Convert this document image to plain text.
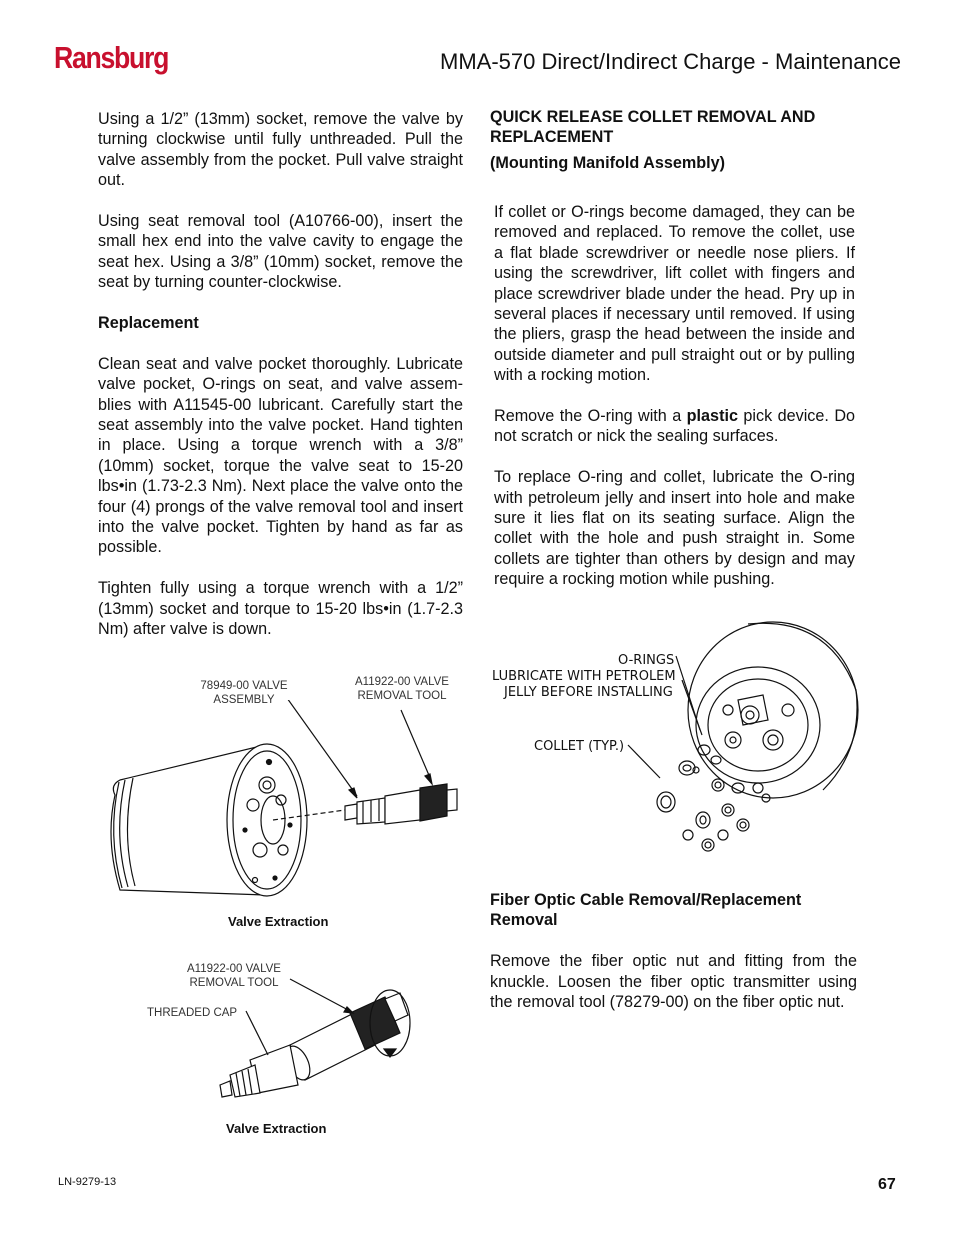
Ransburg	MMA-570 Direct/Indirect Charge - Maintenance

Using a 1/2” (13mm) socket, remove the valve by turning clockwise until fully unthreaded. Pull the valve assembly from the pocket. Pull valve straight out.

Using seat removal tool (A10766-00), insert the small hex end into the valve cavity to engage the seat hex. Using a 3/8” (10mm) socket, remove the seat by turning counter-clockwise.

Replacement

Clean seat and valve pocket thoroughly. Lubricate valve pocket, O-rings on seat, and valve assem-blies with A11545-00 lubricant. Carefully start the seat assembly into the valve pocket. Hand tighten in place. Using a torque wrench with a 3/8” (10mm) socket, torque the valve seat to 15-20 lbs•in (1.73-2.3 Nm). Next place the valve onto the four (4) prongs of the valve removal tool and insert into the valve pocket. Tighten by hand as far as possible.

Tighten fully using a torque wrench with a 1/2” (13mm) socket and torque to 15-20 lbs•in (1.7-2.3 Nm) after valve is down.

QUICK RELEASE COLLET REMOVAL AND
REPLACEMENT
(Mounting Manifold Assembly)

If collet or O-rings become damaged, they can be removed and replaced. To remove the collet, use a flat blade screwdriver or needle nose pliers. If using the screwdriver, lift collet with fingers and place screwdriver blade under the head. Pry up in several places if necessary until removed. If using the pliers, grasp the head between the inside and outside diameter and pull straight out or by pulling with a rocking motion.

Remove the O-ring with a plastic pick device. Do not scratch or nick the sealing surfaces.

To replace O-ring and collet, lubricate the O-ring with petroleum jelly and insert into hole and make sure it lies flat on its seating surface. Align the collet with the hole and push straight in. Some collets are tighter than others by design and may require a rocking motion while pushing.

Fiber Optic Cable Removal/Replacement
Removal

Remove the fiber optic nut and fitting from the knuckle. Loosen the fiber optic transmitter using the removal tool (78279-00) on the fiber optic nut.

78949-00 VALVE
ASSEMBLY
A11922-00 VALVE
REMOVAL TOOL
Valve Extraction
A11922-00 VALVE
REMOVAL TOOL
THREADED CAP
Valve Extraction
O-RINGS
LUBRICATE WITH PETROLEM
JELLY BEFORE INSTALLING
COLLET (TYP.)
LN-9279-13	67
